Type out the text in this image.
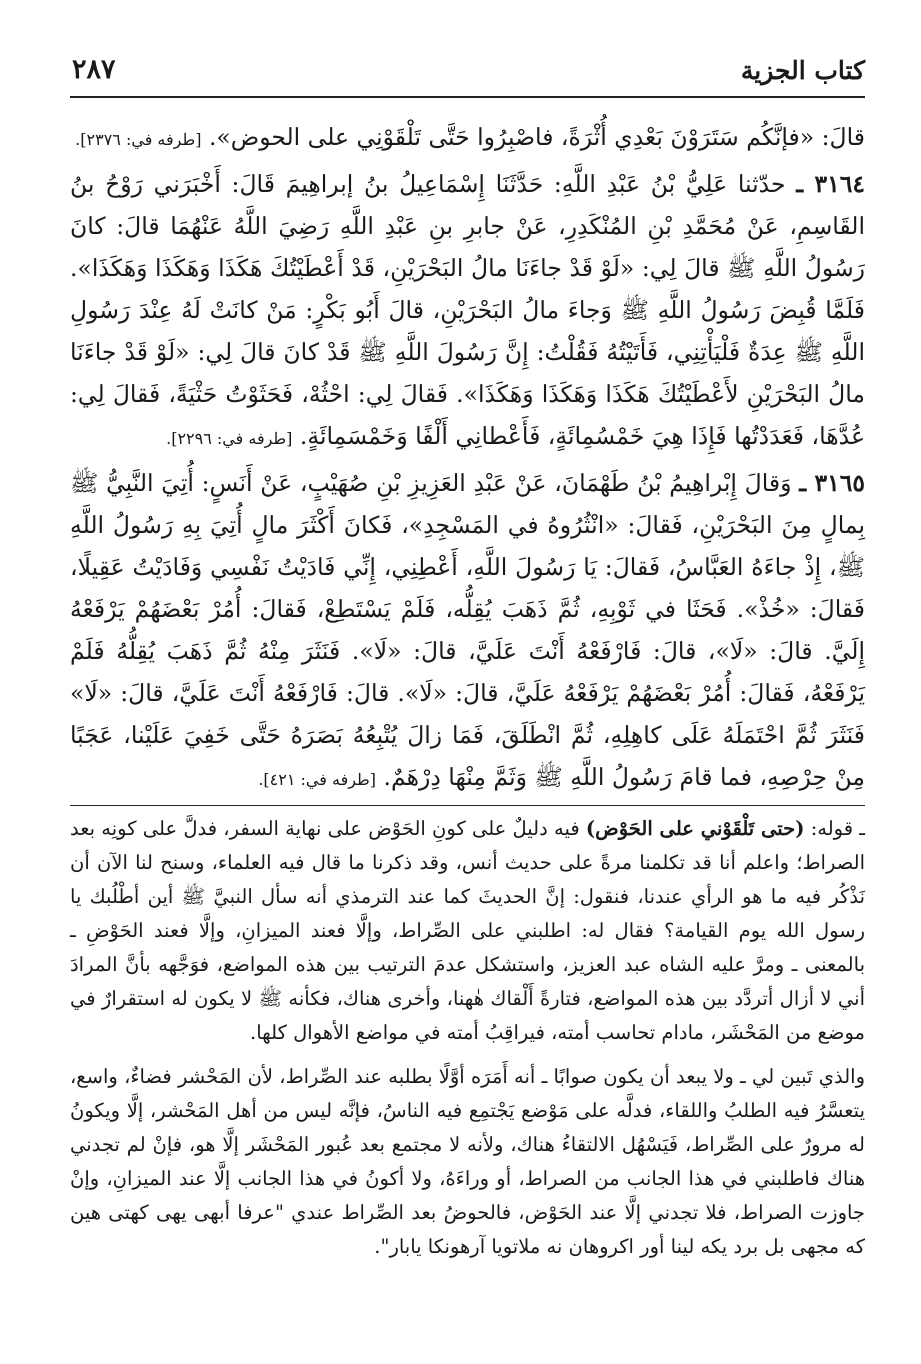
كتاب الجزية
٢٨٧

قالَ: «فإنَّكُم سَتَرَوْنَ بَعْدِي أُثْرَةً، فاصْبِرُوا حَتَّى تَلْقَوْنِي على الحوض». [طرفه في: ٢٣٧٦].

٣١٦٤ ـ حدّثنا عَلِيُّ بْنُ عَبْدِ اللَّهِ: حَدَّثَنَا إِسْمَاعِيلُ بنُ إبراهِيمَ قَالَ: أَخْبَرَني رَوْحُ بنُ القَاسِمِ، عَنْ مُحَمَّدِ بْنِ المُنْكَدِرِ، عَنْ جابرِ بنِ عَبْدِ اللَّهِ رَضِيَ اللَّهُ عَنْهُمَا قالَ: كانَ رَسُولُ اللَّهِ ﷺ قالَ لِي: «لَوْ قَدْ جاءَنَا مالُ البَحْرَيْنِ، قَدْ أَعْطَيْتُكَ هَكَذَا وَهَكَذَا وَهَكَذَا». فَلَمَّا قُبِضَ رَسُولُ اللَّهِ ﷺ وَجاءَ مالُ البَحْرَيْنِ، قالَ أَبُو بَكْرٍ: مَنْ كانَتْ لَهُ عِنْدَ رَسُولِ اللَّهِ ﷺ عِدَةٌ فَلْيَأْتِنِي، فَأَتَيْتُهُ فَقُلْتُ: إِنَّ رَسُولَ اللَّهِ ﷺ قَدْ كانَ قالَ لِي: «لَوْ قَدْ جاءَنَا مالُ البَحْرَيْنِ لأَعْطَيْتُكَ هَكَذَا وَهَكَذَا وَهَكَذَا». فَقالَ لِي: احْثُهْ، فَحَثَوْتُ حَثْيَةً، فَقالَ لِي: عُدَّهَا، فَعَدَدْتُها فَإِذَا هِيَ خَمْسُمِائَةٍ، فَأَعْطانِي أَلْفًا وَخَمْسَمِائَةٍ. [طرفه في: ٢٢٩٦].

٣١٦٥ ـ وَقالَ إِبْراهِيمُ بْنُ طَهْمَانَ، عَنْ عَبْدِ العَزِيزِ بْنِ صُهَيْبٍ، عَنْ أَنَسٍ: أُتِيَ النَّبِيُّ ﷺ بِمالٍ مِنَ البَحْرَيْنِ، فَقالَ: «انْثُرُوهُ في المَسْجِدِ»، فَكانَ أَكْثَرَ مالٍ أُتِيَ بِهِ رَسُولُ اللَّهِ ﷺ، إِذْ جاءَهُ العَبَّاسُ، فَقالَ: يَا رَسُولَ اللَّهِ، أَعْطِنِي، إِنِّي فَادَيْتُ نَفْسِي وَفَادَيْتُ عَقِيلًا، فَقالَ: «خُذْ». فَحَثَا في ثَوْبِهِ، ثُمَّ ذَهَبَ يُقِلُّه، فَلَمْ يَسْتَطِعْ، فَقالَ: أُمُرْ بَعْضَهُمْ يَرْفَعْهُ إِلَيَّ. قالَ: «لَا»، قالَ: فَارْفَعْهُ أَنْتَ عَلَيَّ، قالَ: «لَا». فَنَثَرَ مِنْهُ ثُمَّ ذَهَبَ يُقِلُّهُ فَلَمْ يَرْفَعْهُ، فَقالَ: أُمُرْ بَعْضَهُمْ يَرْفَعْهُ عَلَيَّ، قالَ: «لَا». قالَ: فَارْفَعْهُ أَنْتَ عَلَيَّ، قالَ: «لَا» فَنَثَرَ ثُمَّ احْتَمَلَهُ عَلَى كاهِلِهِ، ثُمَّ انْطَلَقَ، فَمَا زالَ يُتْبِعُهُ بَصَرَهُ حَتَّى خَفِيَ عَلَيْنا، عَجَبًا مِنْ حِرْصِهِ، فما قامَ رَسُولُ اللَّهِ ﷺ وَثَمَّ مِنْهَا دِرْهَمٌ. [طرفه في: ٤٢١].

ـ قوله: (حتى تَلْقَوْني على الحَوْض) فيه دليلٌ على كونِ الحَوْض على نهاية السفر، فدلَّ على كونِه بعد الصراط؛ واعلم أنا قد تكلمنا مرةً على حديث أنس، وقد ذكرنا ما قال فيه العلماء، وسنح لنا الآن أن نَذْكُر فيه ما هو الرأي عندنا، فنقول: إنَّ الحديثَ كما عند الترمذي أنه سأل النبيَّ ﷺ أين أطْلُبك يا رسول الله يوم القيامة؟ فقال له: اطلبني على الصِّراط، وإلَّا فعند الميزانِ، وإلَّا فعند الحَوْضِ ـ بالمعنى ـ ومرَّ عليه الشاه عبد العزيز، واستشكل عدمَ الترتيب بين هذه المواضع، فوَجَّهه بأنَّ المرادَ أني لا أزال أتردَّد بين هذه المواضع، فتارةً أَلْقاك هٰهنا، وأخرى هناك، فكأنه ﷺ لا يكون له استقرارٌ في موضع من المَحْشَر، مادام تحاسب أمته، فيراقِبُ أمته في مواضع الأهوال كلها.

والذي تَبين لي ـ ولا يبعد أن يكون صوابًا ـ أنه أَمَرَه أوَّلًا بطلبه عند الصِّراط، لأن المَحْشر فضاءٌ، واسع، يتعسَّرُ فيه الطلبُ واللقاء، فدلَّه على مَوْضع يَجْتمِع فيه الناسُ، فإنَّه ليس من أهل المَحْشر، إلَّا ويكونُ له مرورٌ على الصِّراط، فَيَسْهُل الالتقاءُ هناك، ولأنه لا مجتمع بعد عُبور المَحْشَر إلَّا هو، فإنْ لم تجدني هناك فاطلبني في هذا الجانب من الصراط، أو وراءَهُ، ولا أكونُ في هذا الجانب إلَّا عند الميزانِ، وإنْ جاوزت الصراط، فلا تجدني إلَّا عند الحَوْض، فالحوضُ بعد الصِّراط عندي "عرفا أبهى يهى كهتى هين كه مجهى بل برد يكه لينا أور اكروهان نه ملاتويا آرهونكا يابار".
